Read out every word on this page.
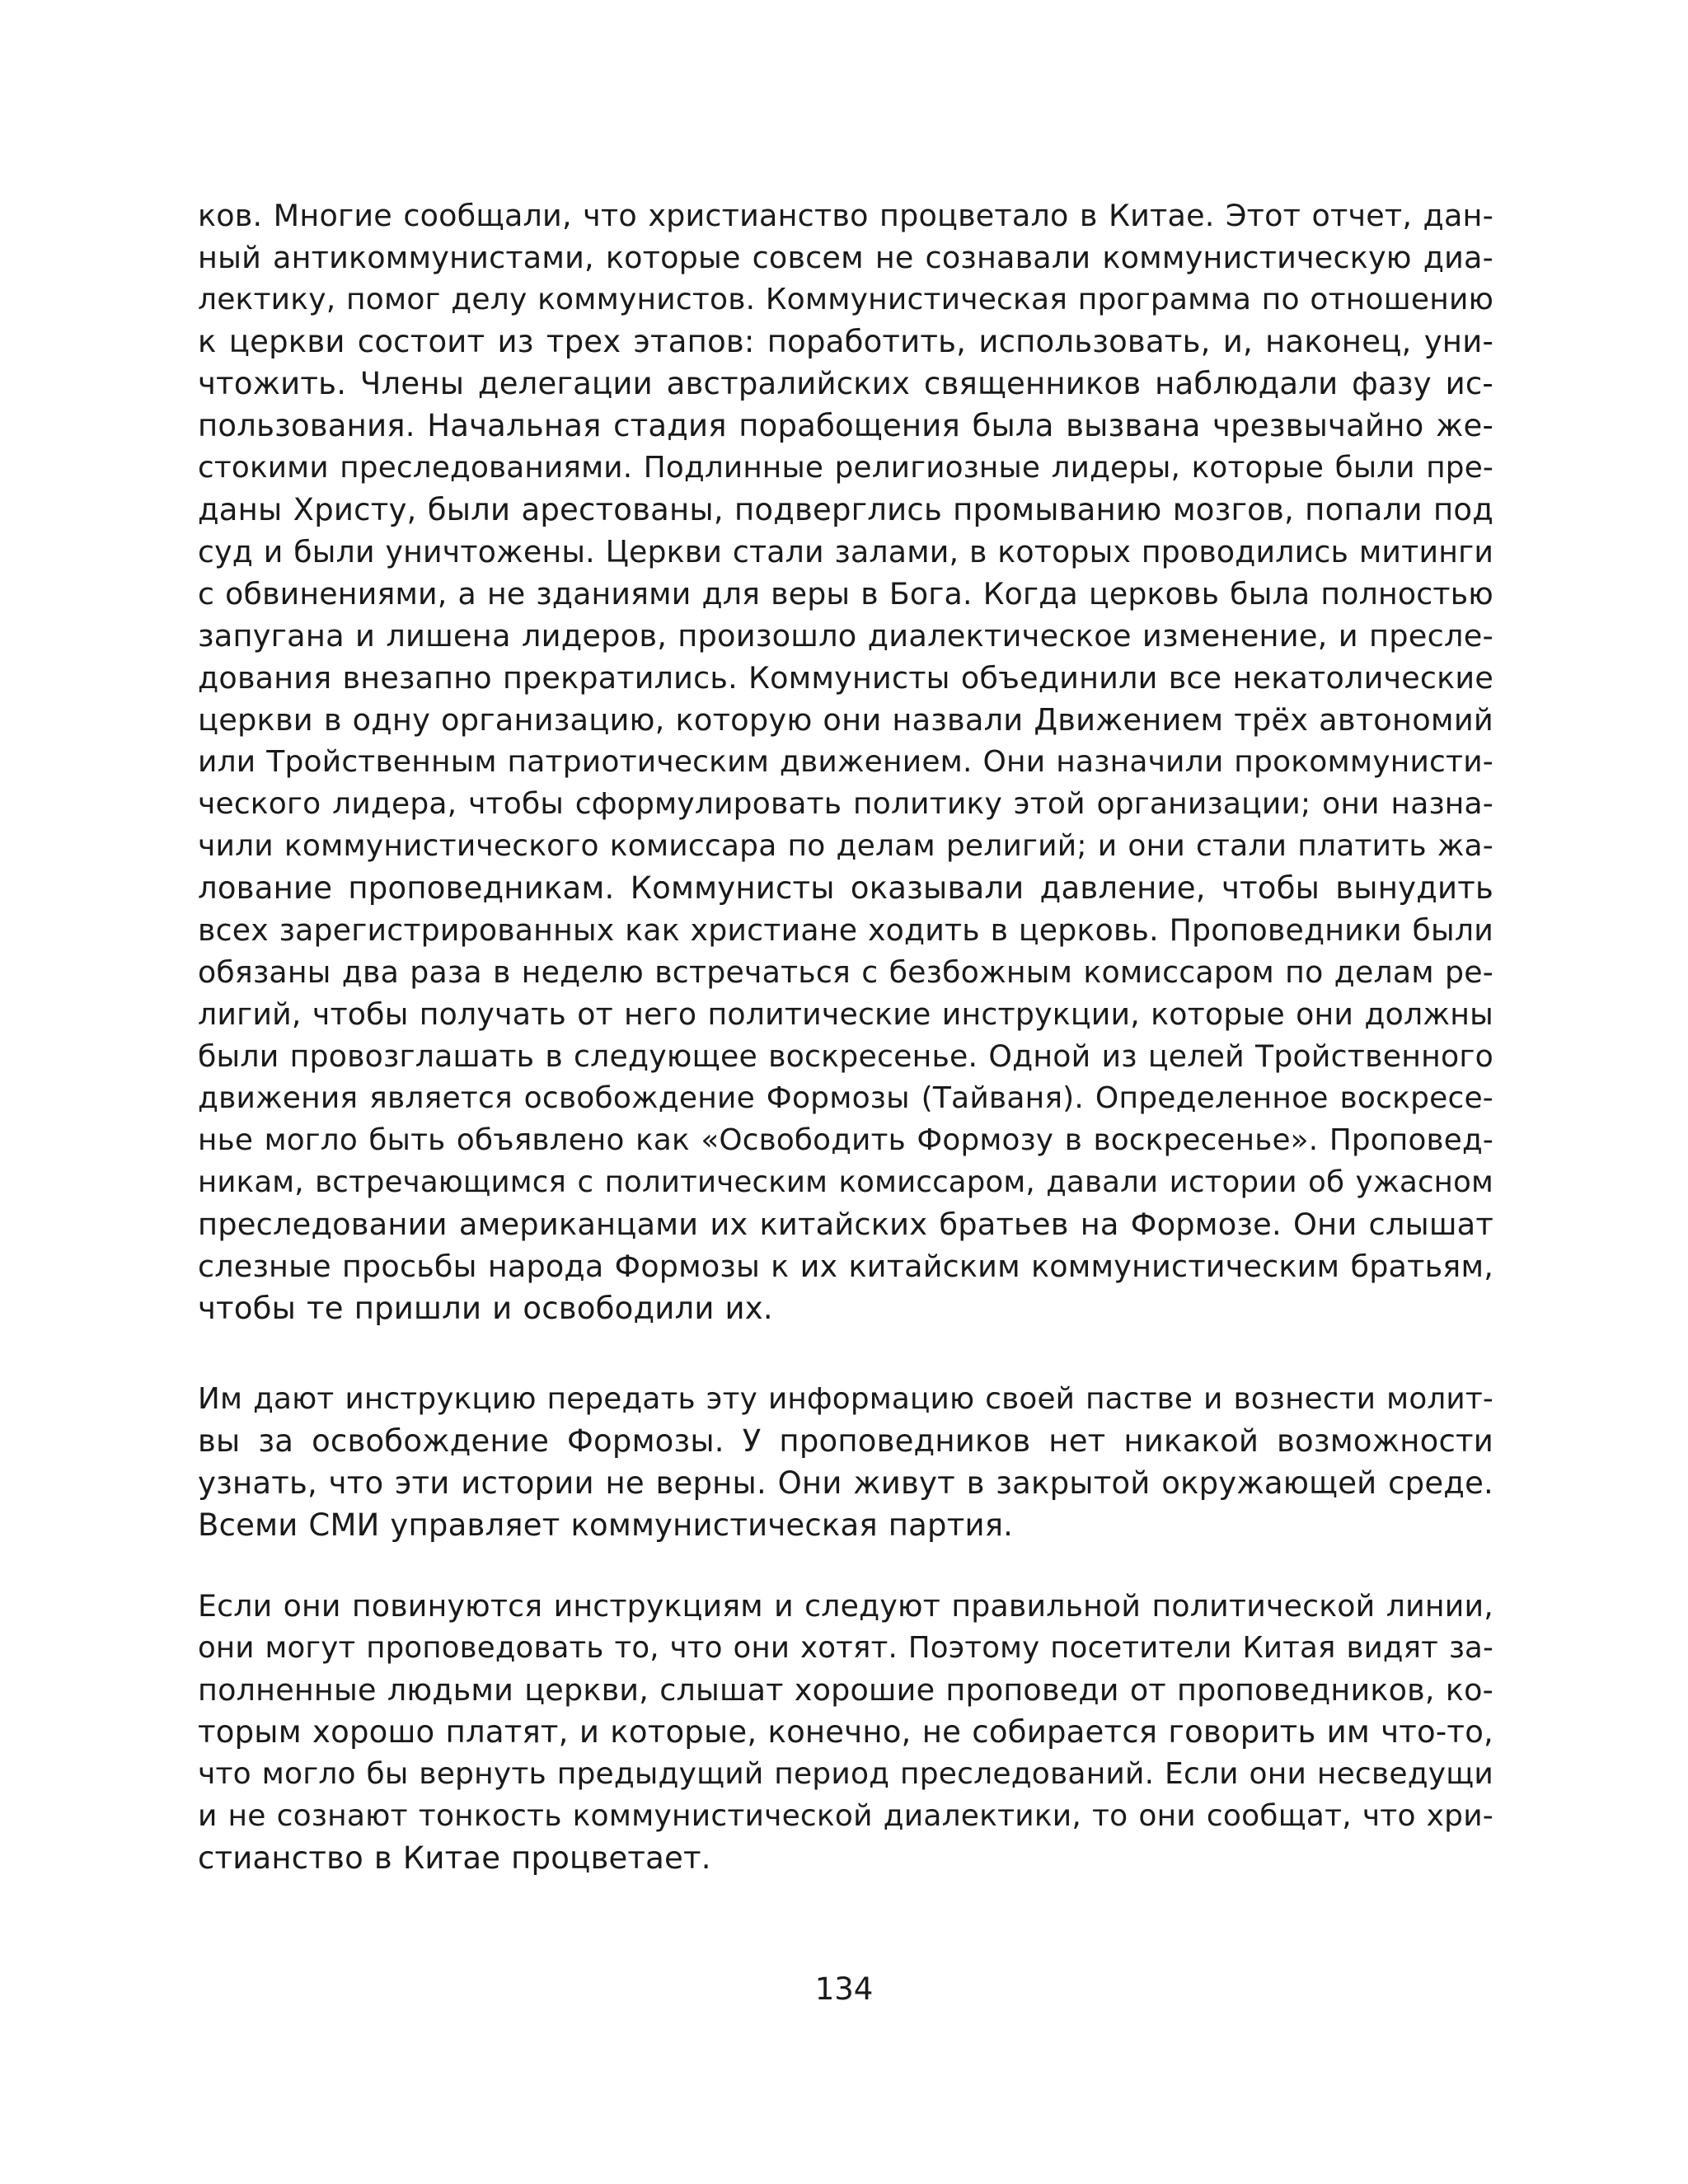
ков. Многие сообщали, что христианство процветало в Китае. Этот отчет, дан-
ный антикоммунистами, которые совсем не сознавали коммунистическую диа-
лектику, помог делу коммунистов. Коммунистическая программа по отношению
к церкви состоит из трех этапов: поработить, использовать, и, наконец, уни-
чтожить. Члены делегации австралийских священников наблюдали фазу ис-
пользования. Начальная стадия порабощения была вызвана чрезвычайно же-
стокими преследованиями. Подлинные религиозные лидеры, которые были пре-
даны Христу, были арестованы, подверглись промыванию мозгов, попали под
суд и были уничтожены. Церкви стали залами, в которых проводились митинги
с обвинениями, а не зданиями для веры в Бога. Когда церковь была полностью
запугана и лишена лидеров, произошло диалектическое изменение, и пресле-
дования внезапно прекратились. Коммунисты объединили все некатолические
церкви в одну организацию, которую они назвали Движением трёх автономий
или Тройственным патриотическим движением. Они назначили прокоммунисти-
ческого лидера, чтобы сформулировать политику этой организации; они назна-
чили коммунистического комиссара по делам религий; и они стали платить жа-
лование проповедникам. Коммунисты оказывали давление, чтобы вынудить
всех зарегистрированных как христиане ходить в церковь. Проповедники были
обязаны два раза в неделю встречаться с безбожным комиссаром по делам ре-
лигий, чтобы получать от него политические инструкции, которые они должны
были провозглашать в следующее воскресенье. Одной из целей Тройственного
движения является освобождение Формозы (Тайваня). Определенное воскресе-
нье могло быть объявлено как «Освободить Формозу в воскресенье». Проповед-
никам, встречающимся с политическим комиссаром, давали истории об ужасном
преследовании американцами их китайских братьев на Формозе. Они слышат
слезные просьбы народа Формозы к их китайским коммунистическим братьям,
чтобы те пришли и освободили их.
Им дают инструкцию передать эту информацию своей пастве и вознести молит-
вы за освобождение Формозы. У проповедников нет никакой возможности
узнать, что эти истории не верны. Они живут в закрытой окружающей среде.
Всеми СМИ управляет коммунистическая партия.
Если они повинуются инструкциям и следуют правильной политической линии,
они могут проповедовать то, что они хотят. Поэтому посетители Китая видят за-
полненные людьми церкви, слышат хорошие проповеди от проповедников, ко-
торым хорошо платят, и которые, конечно, не собирается говорить им что-то,
что могло бы вернуть предыдущий период преследований. Если они несведущи
и не сознают тонкость коммунистической диалектики, то они сообщат, что хри-
стианство в Китае процветает.
134
